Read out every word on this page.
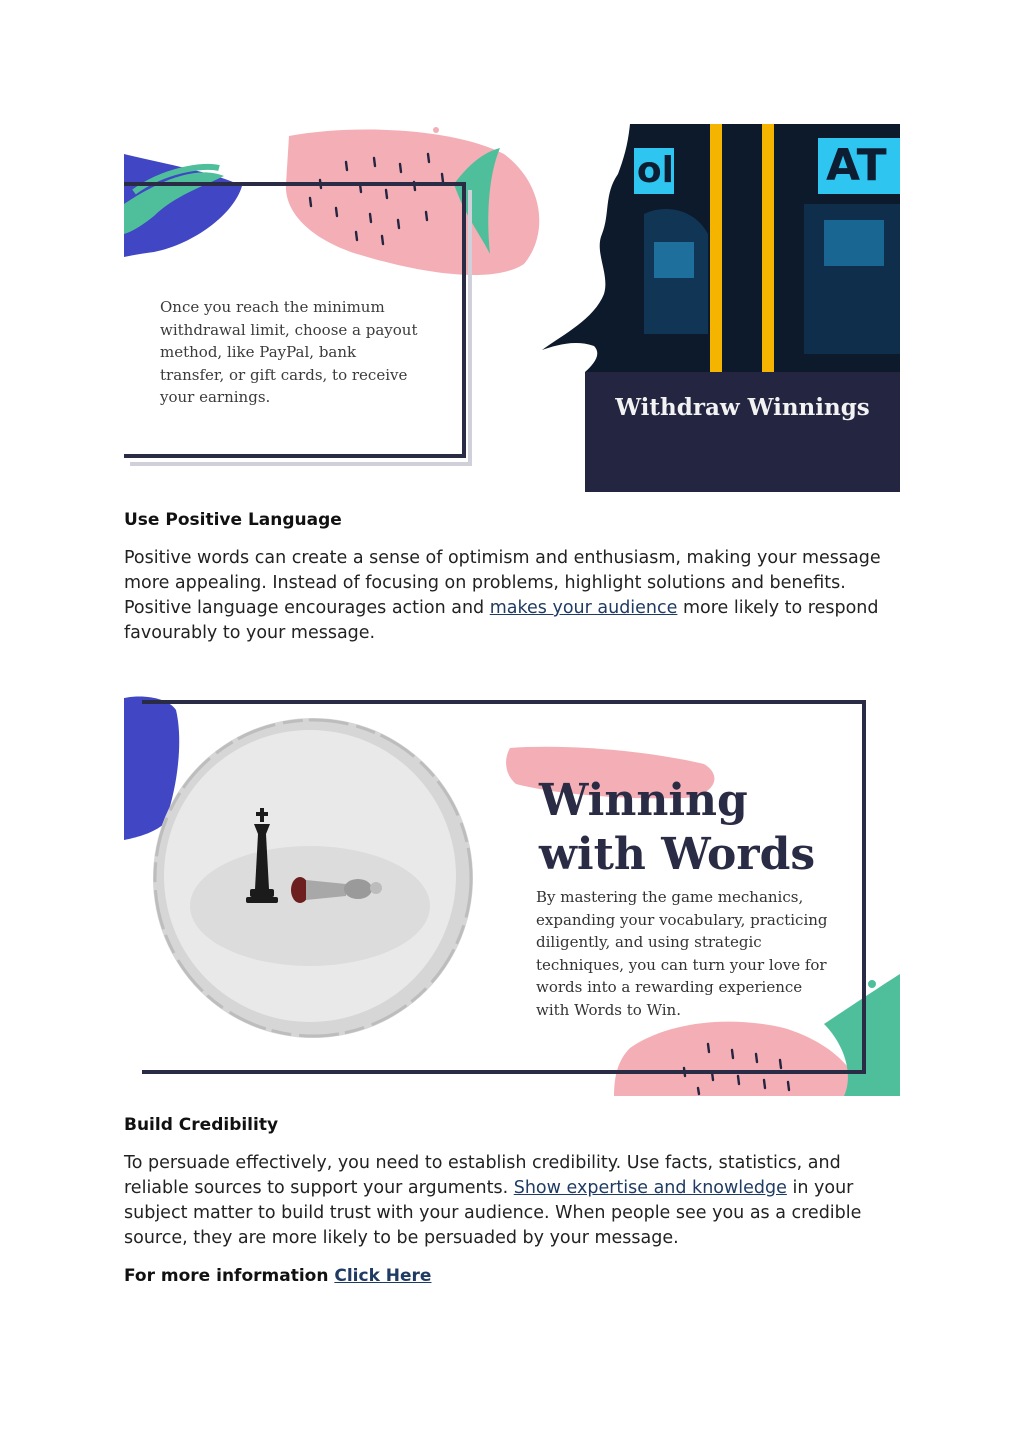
AT
ol
Once you reach the minimum withdrawal limit, choose a payout method, like PayPal, bank transfer, or gift cards, to receive your earnings.	Withdraw Winnings
Use Positive Language
Positive words can create a sense of optimism and enthusiasm, making your message more appealing. Instead of focusing on problems, highlight solutions and benefits. Positive language encourages action and makes your audience more likely to respond favourably to your message.
Winning
with Words
By mastering the game mechanics, expanding your vocabulary, practicing diligently, and using strategic techniques, you can turn your love for words into a rewarding experience with Words to Win.
Build Credibility
To persuade effectively, you need to establish credibility. Use facts, statistics, and reliable sources to support your arguments. Show expertise and knowledge in your subject matter to build trust with your audience. When people see you as a credible source, they are more likely to be persuaded by your message.
For more information Click Here
